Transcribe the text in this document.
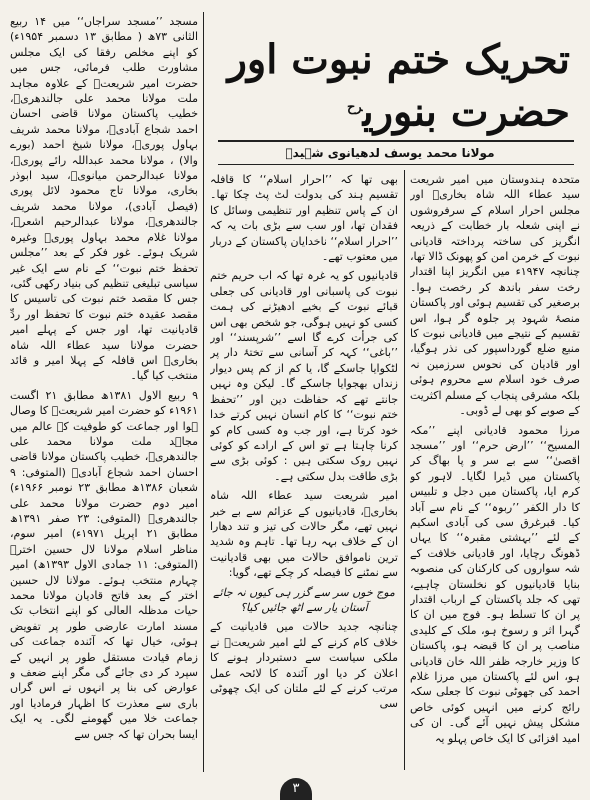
تحریک ختم نبوت اور حضرت بنوری$^{رح}$
مولانا محمد یوسف لدھیانوی شہیدؒ

متحدہ ہندوستان میں امیر شریعت سید عطاء اللہ شاہ بخاریؒ اور مجلس احرار اسلام کے سرفروشوں نے اپنی شعلہ بار خطابت کے ذریعہ انگریز کی ساختہ پرداختہ قادیانی نبوت کے خرمن امن کو پھونک ڈالا تھا، چنانچہ ۱۹۴۷ء میں انگریز اپنا اقتدار رخت سفر باندھ کر رخصت ہوا۔ برصغیر کی تقسیم ہوئی اور پاکستان منصۂ شہود پر جلوہ گر ہوا، اس تقسیم کے نتیجے میں قادیانی نبوت کا منبع ضلع گورداسپور کی نذر ہوگیا، اور قادیان کی نحوس سرزمین نہ صرف خود اسلام سے محروم ہوئی بلکہ مشرقی پنجاب کے مسلم اکثریت کے صوبے کو بھی لے ڈوبی۔

مرزا محمود قادیانی اپنے ’’مکہ المسیح‘‘ ’’ارض حرم‘‘ اور ’’مسجد اقصیٰ‘‘ سے بے سر و پا بھاگ کر پاکستان میں ڈیرا لگایا۔ لاہور کو کرم ایا، پاکستان میں دجل و تلبیس کا دار الکفر ’’ربوہ‘‘ کے نام سے آباد کیا۔ قبرغرق سی کی آبادی اسکیم کے لئے ’’بہشتی مقبرہ‘‘ کا یہاں ڈھونگ رچایا، اور قادیانی خلافت کے شہ سواروں کی کارکنان کی منصوبہ بنایا قادیانیوں کو نخلستان چاہیے، تھی کہ جلد پاکستان کے ارباب اقتدار پر ان کا تسلط ہو۔ فوج میں ان کا گہرا اثر و رسوخ ہو، ملک کے کلیدی مناصب پر ان کا قبضہ ہو، پاکستان کا وزیر خارجہ ظفر اللہ خان قادیانی ہو، اس لئے پاکستان میں مرزا غلام احمد کی جھوٹی نبوت کا جعلی سکہ رائج کرنے میں انہیں کوئی خاص مشکل پیش نہیں آئے گی۔ ان کی امید افزائی کا ایک خاص پہلو یہ

بھی تھا کہ ’’احرار اسلام‘‘ کا قافلہ تقسیم ہند کی بدولت لٹ پٹ چکا تھا۔ ان کے پاس تنظیم اور تنظیمی وسائل کا فقدان تھا، اور سب سے بڑی بات یہ کہ ’’احرار اسلام‘‘ ناخدایان پاکستان کے دربار میں معتوب تھے۔

قادیانیوں کو یہ غرہ تھا کہ اب حریم ختم نبوت کی پاسبانی اور قادیانی کی جعلی قبائے نبوت کے بخیے ادھیڑنے کی ہمت کسی کو نہیں ہوگی، جو شخص بھی اس کی جرأت کرے گا اسے ’’شرپسند‘‘ اور ’’باغی‘‘ کہہ کر آسانی سے تختۂ دار پر لٹکوایا جاسکے گا، یا کم از کم پس دیوار زنداں بھجوایا جاسکے گا۔ لیکن وہ نہیں جانتے تھے کہ حفاظت دین اور ’’تحفظ ختم نبوت‘‘ کا کام انسان نہیں کرتے خدا خود کرتا ہے، اور جب وہ کسی کام کو کرنا چاہتا ہے تو اس کے ارادے کو کوئی نہیں روک سکتی ہیں : کوئی بڑی سے بڑی طاقت بدل سکتی ہے۔

امیر شریعت سید عطاء اللہ شاہ بخاریؒ، قادیانیوں کے عزائم سے بے خبر نہیں تھے، مگر حالات کی تیز و تند دھارا ان کے خلاف بہہ رہا تھا۔ تاہم وہ شدید ترین ناموافق حالات میں بھی قادیانیت سے نمٹنے کا فیصلہ کر چکے تھے، گویا:

موج خوں سر سے گزر ہی کیوں نہ جائے
آستان یار سے اٹھ جائیں کیا؟

چنانچہ جدید حالات میں قادیانیت کے خلاف کام کرنے کے لئے امیر شریعتؒ نے ملکی سیاست سے دستبردار ہونے کا اعلان کر دیا اور آئندہ کا لائحہ عمل مرتب کرنے کے لئے ملتان کی ایک چھوٹی سی

مسجد ’’مسجد سراجاں‘‘ میں ۱۴ ربیع الثانی ۷۳ھ ( مطابق ۱۳ دسمبر ۱۹۵۴ء) کو اپنے مخلص رفقا کی ایک مجلس مشاورت طلب فرمائی، جس میں حضرت امیر شریعتؒ کے علاوہ مجاہد ملت مولانا محمد علی جالندھریؒ، خطیب پاکستان مولانا قاضی احسان احمد شجاع آبادیؒ، مولانا محمد شریف بہاول پوریؒ، مولانا شیخ احمد (بورے والا) ، مولانا محمد عبداللہ رائے پوریؒ، مولانا عبدالرحمن میانویؒ، سید ابوذر بخاری، مولانا تاج محمود لائل پوری (فیصل آبادی)، مولانا محمد شریف جالندھریؒ، مولانا عبدالرحیم اشعرؒ، مولانا غلام محمد بہاول پوریؒ وغیرہ شریک ہوئے۔ غور فکر کے بعد ’’مجلس تحفظ ختم نبوت‘‘ کے نام سے ایک غیر سیاسی تبلیغی تنظیم کی بنیاد رکھی گئی، جس کا مقصد ختم نبوت کی تاسیس کا مقصد عقیدہ ختم نبوت کا تحفظ اور ردِّ قادیانیت تھا، اور جس کے پہلے امیر حضرت مولانا سید عطاء اللہ شاہ بخاریؒ اس قافلہ کے پہلا امیر و قائد منتخب کیا گیا۔

۹ ربیع الاول ۱۳۸۱ھ مطابق ۲۱ اگست ۱۹۶۱ء کو حضرت امیر شریعتؒ کا وصال ہوا اور جماعت کو طوفیت کے عالم میں مجاہد ملت مولانا محمد علی جالندھریؒ، خطیب پاکستان مولانا قاضی احسان احمد شجاع آبادیؒ (المتوفی: ۹ شعبان ۱۳۸۶ھ مطابق ۲۳ نومبر ۱۹۶۶ء) امیر دوم حضرت مولانا محمد علی جالندھریؒ (المتوفی: ۲۳ صفر ۱۳۹۱ھ مطابق ۲۱ اپریل ۱۹۷۱ء) امیر سوم، مناظر اسلام مولانا لال حسین اخترؒ (المتوفی: ۱۱ جمادی الاول ۱۳۹۳ھ) امیر چہارم منتخب ہوئے۔ مولانا لال حسین اختر کے بعد فاتح قادیان مولانا محمد حیات مدظلہ العالی کو اپنے انتخاب تک مسند امارت عارضی طور پر تفویض ہوئی، خیال تھا کہ آئندہ جماعت کی زمام قیادت مستقل طور پر انہیں کے سپرد کر دی جائے گی مگر اپنے ضعف و عوارض کی بنا پر انہوں نے اس گراں باری سے معذرت کا اظہار فرمادیا اور جماعت خلا میں گھومنے لگی۔ یہ ایک ایسا بحران تھا کہ جس سے

۳
